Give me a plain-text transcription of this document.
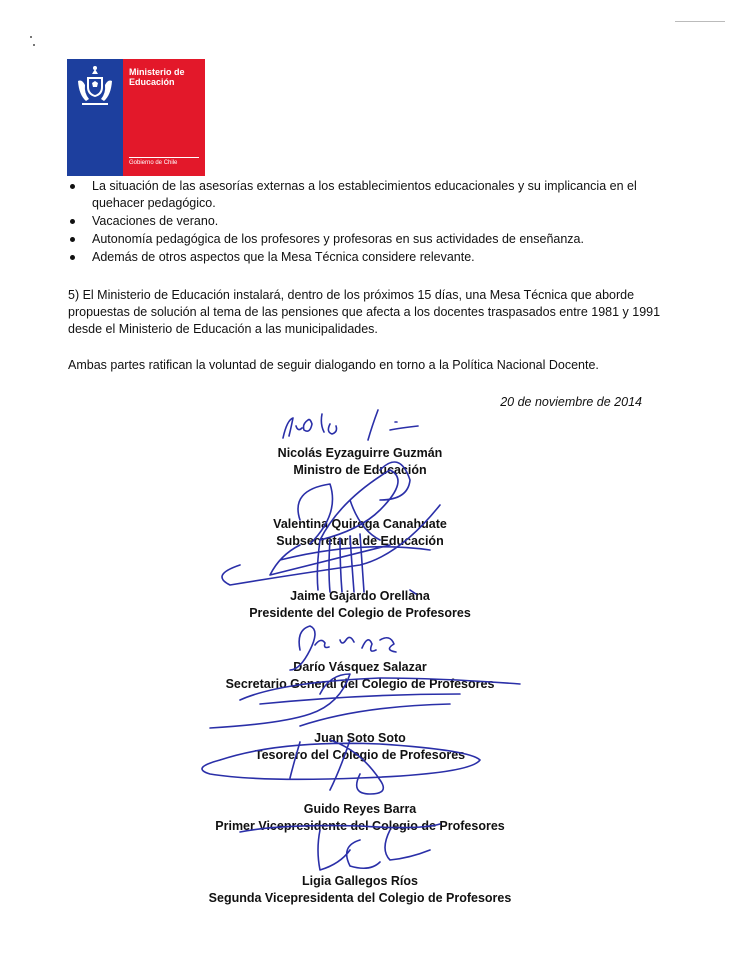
Ministerio de Educación
Gobierno de Chile
La situación de las asesorías externas a los establecimientos educacionales y su implicancia en el quehacer pedagógico.
Vacaciones de verano.
Autonomía pedagógica de los profesores y profesoras en sus actividades de enseñanza.
Además de otros aspectos que la Mesa Técnica considere relevante.

5) El Ministerio de Educación instalará, dentro de los próximos 15 días, una Mesa Técnica que aborde propuestas de solución al tema de las pensiones que afecta a los docentes traspasados entre 1981 y 1991 desde el Ministerio de Educación a las municipalidades.

Ambas partes ratifican la voluntad de seguir dialogando en torno a la Política Nacional Docente.

20 de noviembre de 2014
Nicolás Eyzaguirre Guzmán
Ministro de Educación
Valentina Quiroga Canahuate
Subsecretaria de Educación
Jaime Gajardo Orellana
Presidente del Colegio de Profesores
Darío Vásquez Salazar
Secretario General del Colegio de Profesores
Juan Soto Soto
Tesorero del Colegio de Profesores
Guido Reyes Barra
Primer Vicepresidente del Colegio de Profesores
Ligia Gallegos Ríos
Segunda Vicepresidenta del Colegio de Profesores
